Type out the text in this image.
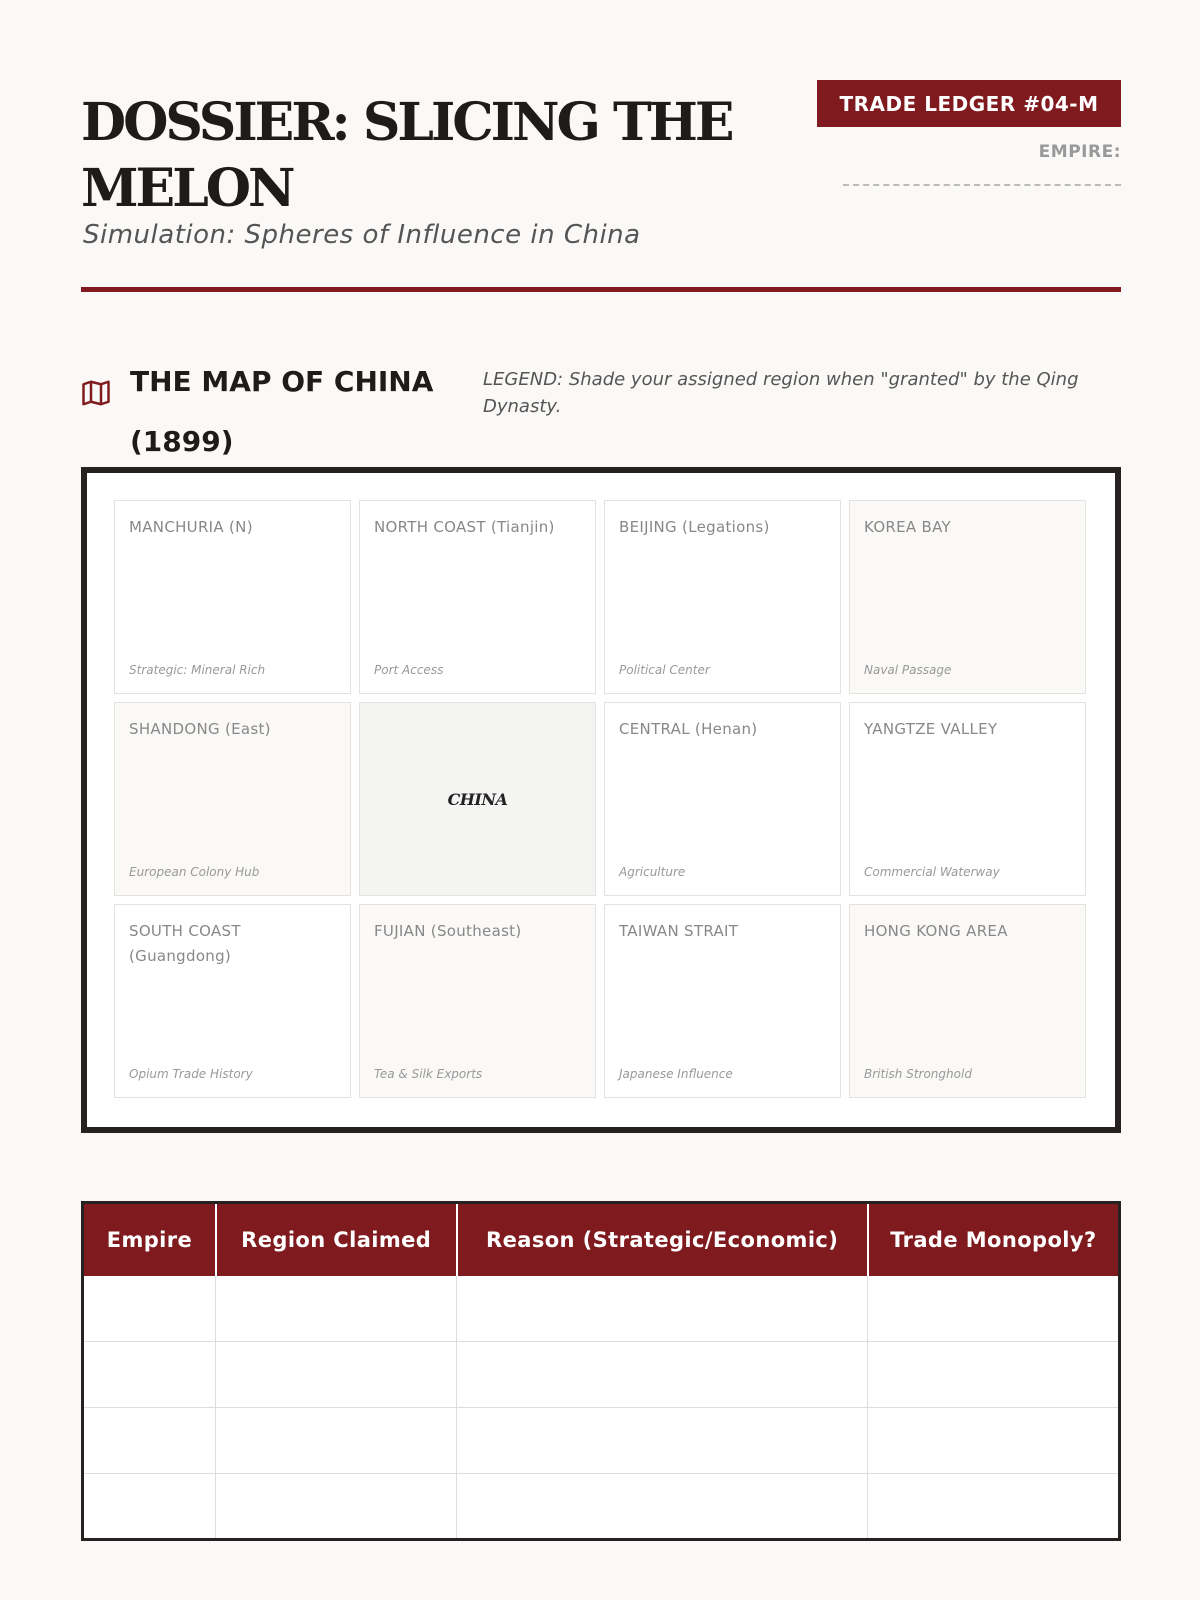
DOSSIER: SLICING THE MELON
Simulation: Spheres of Influence in China
TRADE LEDGER #04-M
EMPIRE:
THE MAP OF CHINA (1899)
LEGEND: Shade your assigned region when "granted" by the Qing Dynasty.
MANCHURIA (N)
Strategic: Mineral Rich
NORTH COAST (Tianjin)
Port Access
BEIJING (Legations)
Political Center
KOREA BAY
Naval Passage
SHANDONG (East)
European Colony Hub
CHINA
CENTRAL (Henan)
Agriculture
YANGTZE VALLEY
Commercial Waterway
SOUTH COAST (Guangdong)
Opium Trade History
FUJIAN (Southeast)
Tea & Silk Exports
TAIWAN STRAIT
Japanese Influence
HONG KONG AREA
British Stronghold
Empire	Region Claimed	Reason (Strategic/Economic)	Trade Monopoly?
